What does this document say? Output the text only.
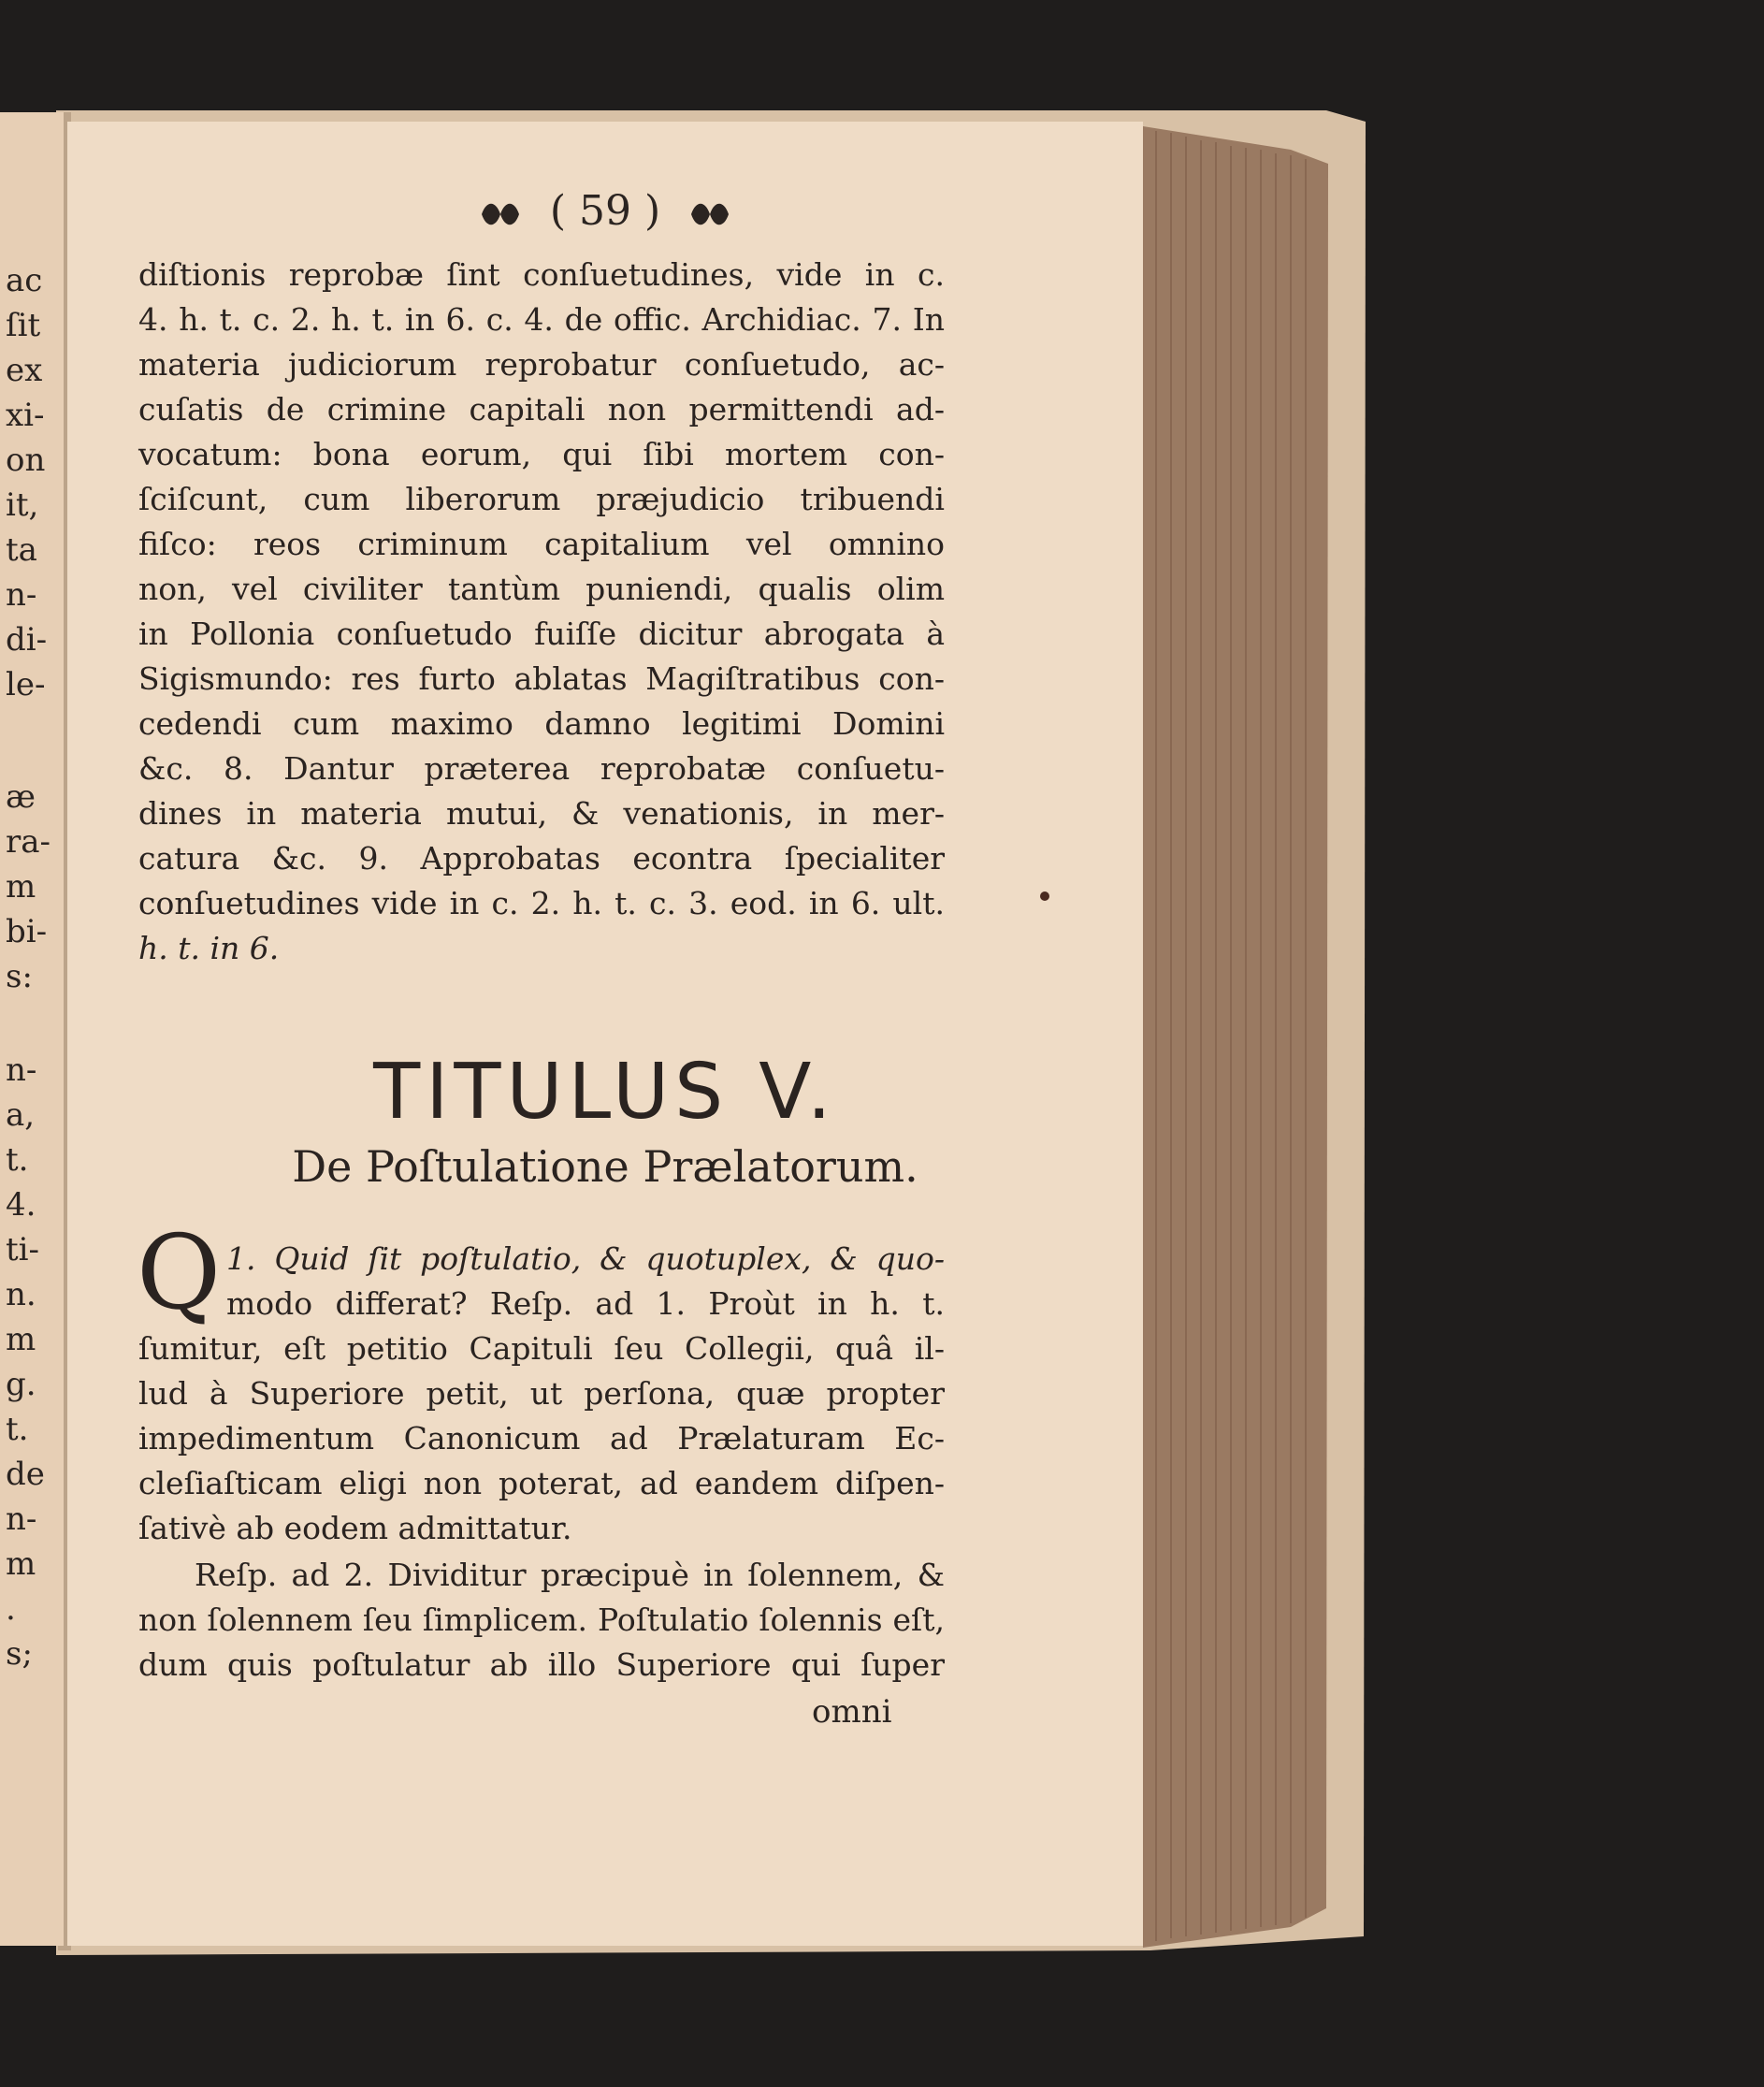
ac
ſit
ex
xi-
on
it,
ta
n-
di-
le-
æ
ra-
m
bi-
s:
n-
a,
t.
4.
ti-
n.
m
g.
t.
de
n-
m
.
s;
( 59 )
diſtionis reprobæ ſint conſuetudines, vide in c.
4. h. t. c. 2. h. t. in 6. c. 4. de offic. Archidiac. 7. In
materia judiciorum reprobatur conſuetudo, ac-
cuſatis de crimine capitali non permittendi ad-
vocatum: bona eorum, qui ſibi mortem con-
ſciſcunt, cum liberorum præjudicio tribuendi
fiſco: reos criminum capitalium vel omnino
non, vel civiliter tantùm puniendi, qualis olim
in Pollonia conſuetudo fuiſſe dicitur abrogata à
Sigismundo: res furto ablatas Magiſtratibus con-
cedendi cum maximo damno legitimi Domini
&c. 8. Dantur præterea reprobatæ conſuetu-
dines in materia mutui, & venationis, in mer-
catura &c. 9. Approbatas econtra ſpecialiter
conſuetudines vide in c. 2. h. t. c. 3. eod. in 6. ult.
h. t. in 6.
TITULUS V.
De Poſtulatione Prælatorum.
Q 1. Quid ſit poſtulatio, & quotuplex, & quo-
modo differat? Reſp. ad 1. Proùt in h. t.
ſumitur, eſt petitio Capituli ſeu Collegii, quâ il-
lud à Superiore petit, ut perſona, quæ propter
impedimentum Canonicum ad Prælaturam Ec-
cleſiaſticam eligi non poterat, ad eandem diſpen-
ſativè ab eodem admittatur.
Reſp. ad 2. Dividitur præcipuè in ſolennem, &
non ſolennem ſeu ſimplicem. Poſtulatio ſolennis eſt,
dum quis poſtulatur ab illo Superiore qui ſuper
omni
